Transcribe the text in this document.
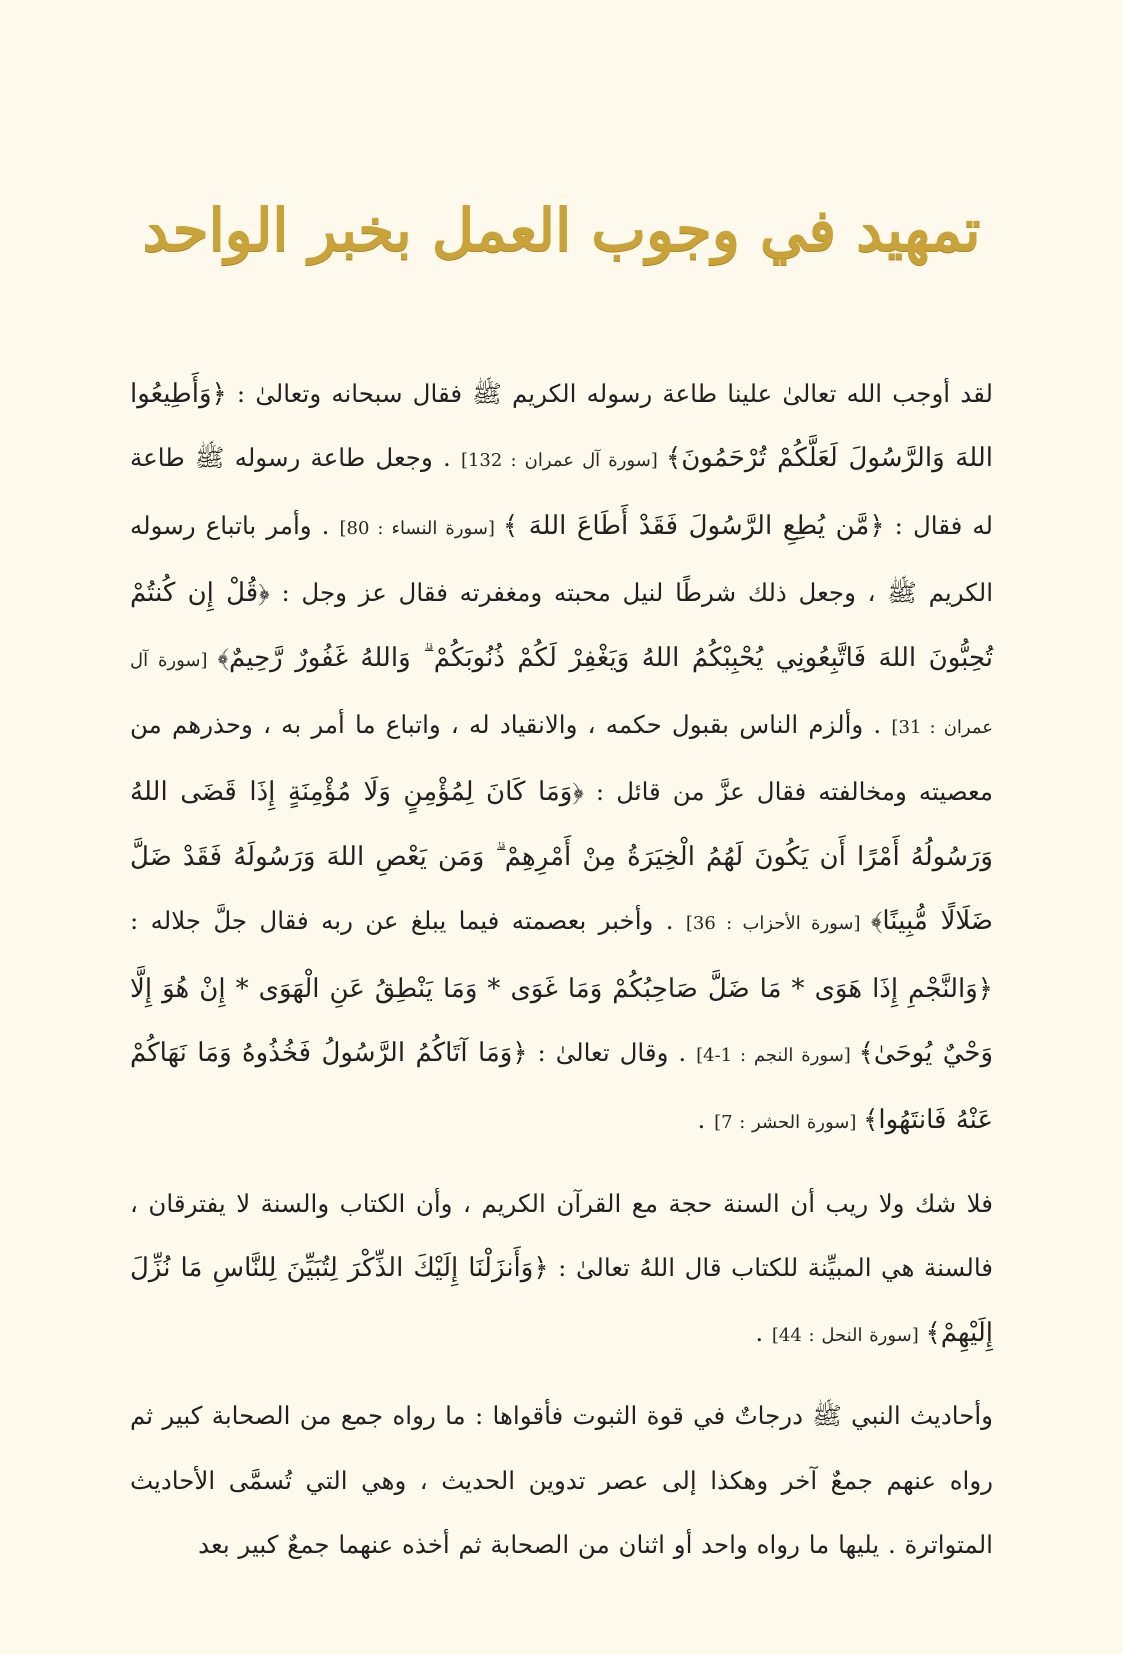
تمهيد في وجوب العمل بخبر الواحد

لقد أوجب الله تعالىٰ علينا طاعة رسوله الكريم ﷺ فقال سبحانه وتعالىٰ : ﴿وَأَطِيعُوا اللهَ وَالرَّسُولَ لَعَلَّكُمْ تُرْحَمُونَ﴾ [سورة آل عمران : 132] . وجعل طاعة رسوله ﷺ طاعة له فقال : ﴿مَّن يُطِعِ الرَّسُولَ فَقَدْ أَطَاعَ اللهَ ﴾ [سورة النساء : 80] . وأمر باتباع رسوله الكريم ﷺ ، وجعل ذلك شرطًا لنيل محبته ومغفرته فقال عز وجل : ﴿قُلْ إِن كُنتُمْ تُحِبُّونَ اللهَ فَاتَّبِعُونِي يُحْبِبْكُمُ اللهُ وَيَغْفِرْ لَكُمْ ذُنُوبَكُمْ ۗ وَاللهُ غَفُورٌ رَّحِيمٌ﴾ [سورة آل عمران : 31] . وألزم الناس بقبول حكمه ، والانقياد له ، واتباع ما أمر به ، وحذرهم من معصيته ومخالفته فقال عزَّ من قائل : ﴿وَمَا كَانَ لِمُؤْمِنٍ وَلَا مُؤْمِنَةٍ إِذَا قَضَى اللهُ وَرَسُولُهُ أَمْرًا أَن يَكُونَ لَهُمُ الْخِيَرَةُ مِنْ أَمْرِهِمْ ۗ وَمَن يَعْصِ اللهَ وَرَسُولَهُ فَقَدْ ضَلَّ ضَلَالًا مُّبِينًا﴾ [سورة الأحزاب : 36] . وأخبر بعصمته فيما يبلغ عن ربه فقال جلَّ جلاله : ﴿وَالنَّجْمِ إِذَا هَوَى * مَا ضَلَّ صَاحِبُكُمْ وَمَا غَوَى * وَمَا يَنْطِقُ عَنِ الْهَوَى * إِنْ هُوَ إِلَّا وَحْيٌ يُوحَىٰ﴾ [سورة النجم : 1-4] . وقال تعالىٰ : ﴿وَمَا آتَاكُمُ الرَّسُولُ فَخُذُوهُ وَمَا نَهَاكُمْ عَنْهُ فَانتَهُوا﴾ [سورة الحشر : 7] .

فلا شك ولا ريب أن السنة حجة مع القرآن الكريم ، وأن الكتاب والسنة لا يفترقان ، فالسنة هي المبيِّنة للكتاب قال اللهُ تعالىٰ : ﴿وَأَنزَلْنَا إِلَيْكَ الذِّكْرَ لِتُبَيِّنَ لِلنَّاسِ مَا نُزِّلَ إِلَيْهِمْ﴾ [سورة النحل : 44] .

وأحاديث النبي ﷺ درجاتٌ في قوة الثبوت فأقواها : ما رواه جمع من الصحابة كبير ثم رواه عنهم جمعٌ آخر وهكذا إلى عصر تدوين الحديث ، وهي التي تُسمَّى الأحاديث المتواترة . يليها ما رواه واحد أو اثنان من الصحابة ثم أخذه عنهما جمعٌ كبير بعد
